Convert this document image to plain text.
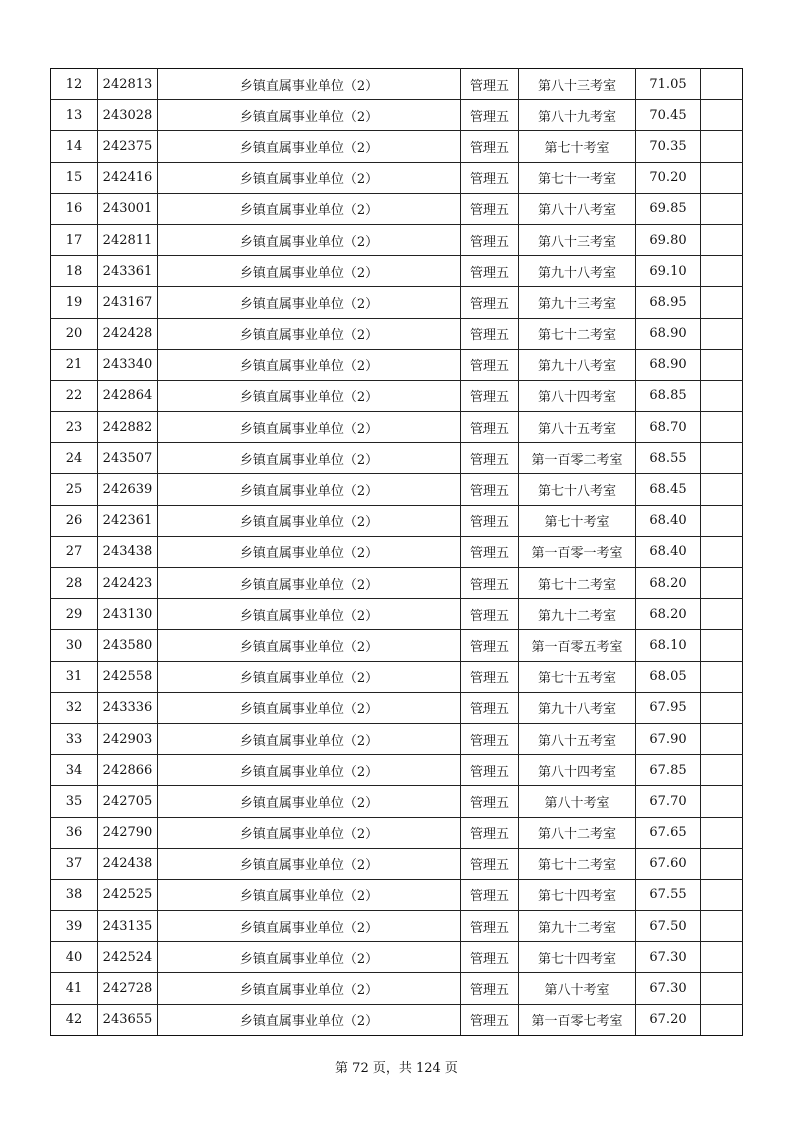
12	242813	乡镇直属事业单位（2）	管理五	第八十三考室	71.05	
13	243028	乡镇直属事业单位（2）	管理五	第八十九考室	70.45	
14	242375	乡镇直属事业单位（2）	管理五	第七十考室	70.35	
15	242416	乡镇直属事业单位（2）	管理五	第七十一考室	70.20	
16	243001	乡镇直属事业单位（2）	管理五	第八十八考室	69.85	
17	242811	乡镇直属事业单位（2）	管理五	第八十三考室	69.80	
18	243361	乡镇直属事业单位（2）	管理五	第九十八考室	69.10	
19	243167	乡镇直属事业单位（2）	管理五	第九十三考室	68.95	
20	242428	乡镇直属事业单位（2）	管理五	第七十二考室	68.90	
21	243340	乡镇直属事业单位（2）	管理五	第九十八考室	68.90	
22	242864	乡镇直属事业单位（2）	管理五	第八十四考室	68.85	
23	242882	乡镇直属事业单位（2）	管理五	第八十五考室	68.70	
24	243507	乡镇直属事业单位（2）	管理五	第一百零二考室	68.55	
25	242639	乡镇直属事业单位（2）	管理五	第七十八考室	68.45	
26	242361	乡镇直属事业单位（2）	管理五	第七十考室	68.40	
27	243438	乡镇直属事业单位（2）	管理五	第一百零一考室	68.40	
28	242423	乡镇直属事业单位（2）	管理五	第七十二考室	68.20	
29	243130	乡镇直属事业单位（2）	管理五	第九十二考室	68.20	
30	243580	乡镇直属事业单位（2）	管理五	第一百零五考室	68.10	
31	242558	乡镇直属事业单位（2）	管理五	第七十五考室	68.05	
32	243336	乡镇直属事业单位（2）	管理五	第九十八考室	67.95	
33	242903	乡镇直属事业单位（2）	管理五	第八十五考室	67.90	
34	242866	乡镇直属事业单位（2）	管理五	第八十四考室	67.85	
35	242705	乡镇直属事业单位（2）	管理五	第八十考室	67.70	
36	242790	乡镇直属事业单位（2）	管理五	第八十二考室	67.65	
37	242438	乡镇直属事业单位（2）	管理五	第七十二考室	67.60	
38	242525	乡镇直属事业单位（2）	管理五	第七十四考室	67.55	
39	243135	乡镇直属事业单位（2）	管理五	第九十二考室	67.50	
40	242524	乡镇直属事业单位（2）	管理五	第七十四考室	67.30	
41	242728	乡镇直属事业单位（2）	管理五	第八十考室	67.30	
42	243655	乡镇直属事业单位（2）	管理五	第一百零七考室	67.20	
第 72 页，共 124 页
